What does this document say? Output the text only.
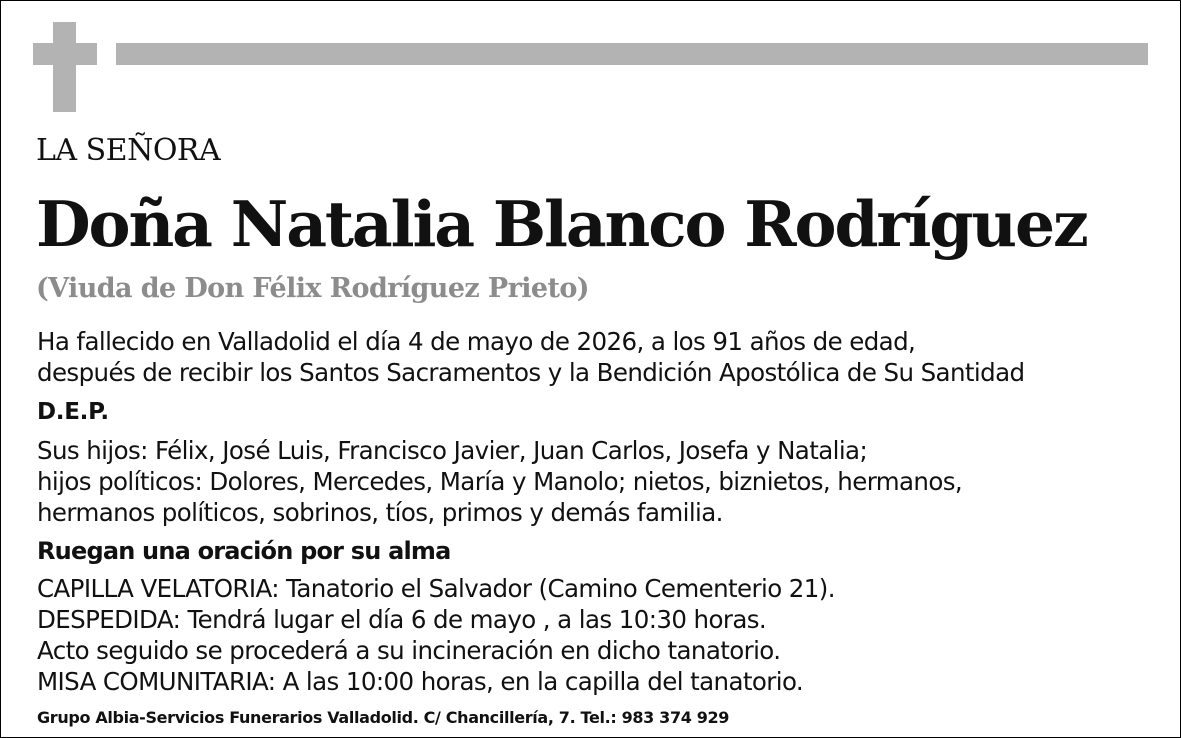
LA SEÑORA
Doña Natalia Blanco Rodríguez
(Viuda de Don Félix Rodríguez Prieto)
Ha fallecido en Valladolid el día 4 de mayo de 2026, a los 91 años de edad,
después de recibir los Santos Sacramentos y la Bendición Apostólica de Su Santidad
D.E.P.
Sus hijos: Félix, José Luis, Francisco Javier, Juan Carlos, Josefa y Natalia;
hijos políticos: Dolores, Mercedes, María y Manolo; nietos, biznietos, hermanos,
hermanos políticos, sobrinos, tíos, primos y demás familia.
Ruegan una oración por su alma
CAPILLA VELATORIA: Tanatorio el Salvador (Camino Cementerio 21).
DESPEDIDA: Tendrá lugar el día 6 de mayo , a las 10:30 horas.
Acto seguido se procederá a su incineración en dicho tanatorio.
MISA COMUNITARIA: A las 10:00 horas, en la capilla del tanatorio.
Grupo Albia-Servicios Funerarios Valladolid. C/ Chancillería, 7. Tel.: 983 374 929
